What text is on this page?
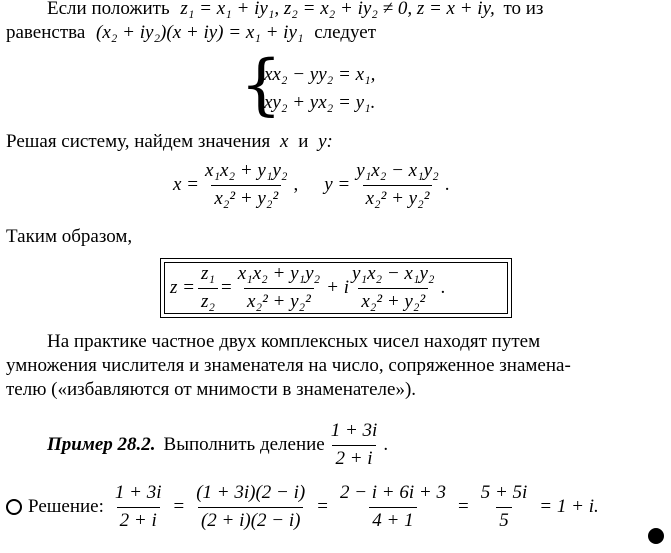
Если положить z₁ = x₁ + iy₁, z₂ = x₂ + iy₂ ≠ 0, z = x + iy, то из
равенства (x₂ + iy₂)(x + iy) = x₁ + iy₁ следует
{
xx₂ − yy₂ = x₁,
xy₂ + yx₂ = y₁.
Решая систему, найдем значения x и y:
$x = \frac{\text{x₁x₂ + y₁y₂}}{\text{x₂² + y₂²}}$ , $y = \frac{\text{y₁x₂ − x₁y₂}}{\text{x₂² + y₂²}}$ .
Таким образом,
$z = \frac{\text{z₁}}{\text{z₂}} = \frac{\text{x₁x₂ + y₁y₂}}{\text{x₂² + y₂²}} + i \frac{\text{y₁x₂ − x₁y₂}}{\text{x₂² + y₂²}}$ .
На практике частное двух комплексных чисел находят путем
умножения числителя и знаменателя на число, сопряженное знамена-
телю («избавляются от мнимости в знаменателе»).
Пример 28.2. Выполнить деление $\frac{1 + 3i}{2 + i}$ .
Решение: $\frac{1 + 3i}{2 + i} = \frac{(1 + 3i)(2 - i)}{(2 + i)(2 - i)} = \frac{2 - i + 6i + 3}{4 + 1} = \frac{5 + 5i}{5} = 1 + i$.
